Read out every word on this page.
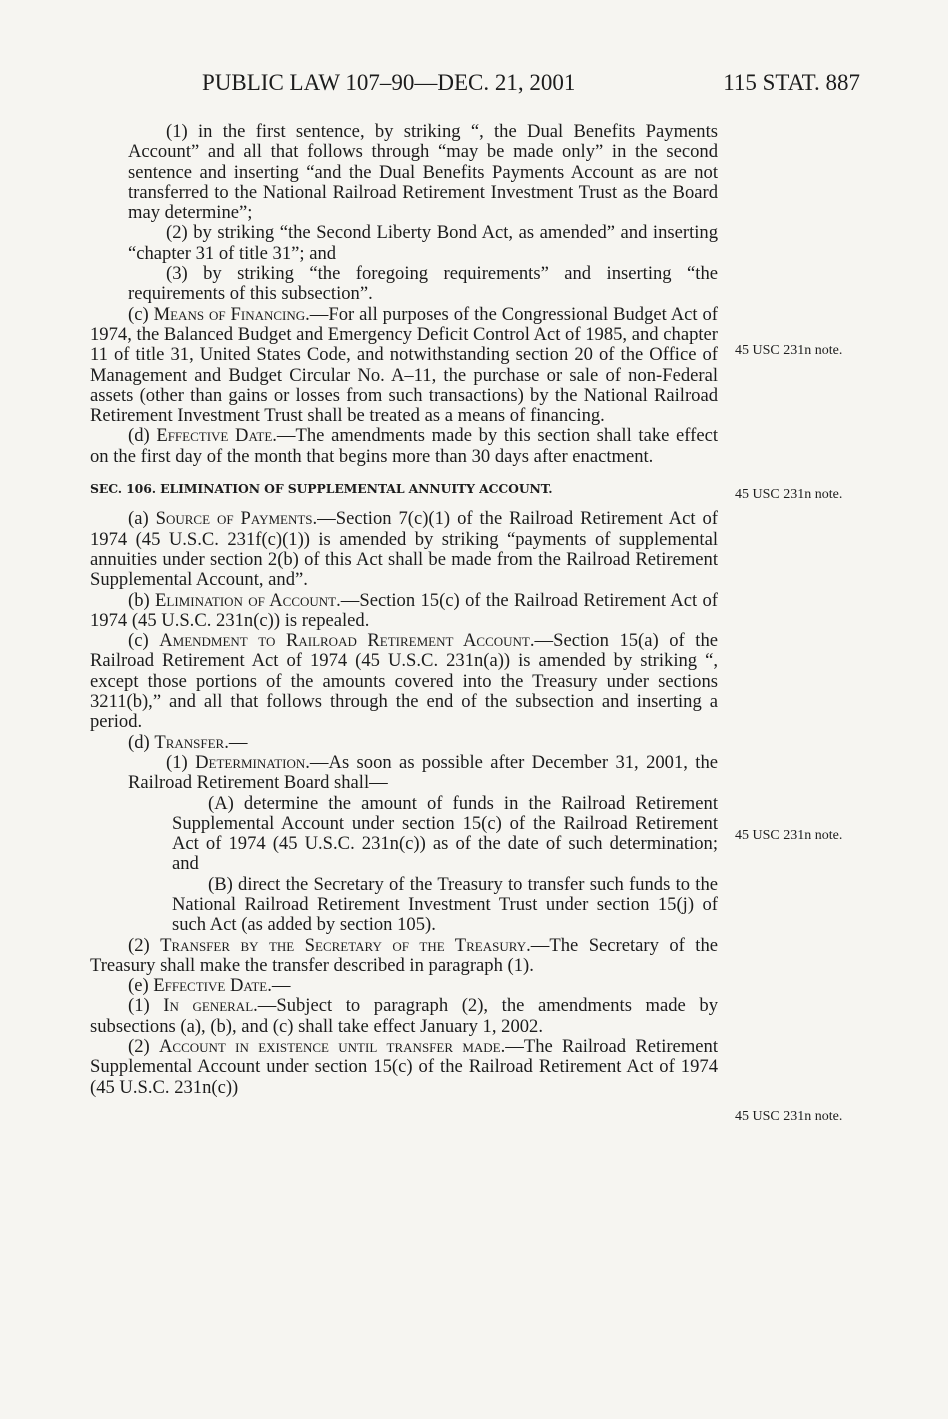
PUBLIC LAW 107–90—DEC. 21, 2001	115 STAT. 887

(1) in the first sentence, by striking “, the Dual Benefits Payments Account” and all that follows through “may be made only” in the second sentence and inserting “and the Dual Benefits Payments Account as are not transferred to the National Railroad Retirement Investment Trust as the Board may determine”;

(2) by striking “the Second Liberty Bond Act, as amended” and inserting “chapter 31 of title 31”; and

(3) by striking “the foregoing requirements” and inserting “the requirements of this subsection”.

(c) Means of Financing.—For all purposes of the Congressional Budget Act of 1974, the Balanced Budget and Emergency Deficit Control Act of 1985, and chapter 11 of title 31, United States Code, and notwithstanding section 20 of the Office of Management and Budget Circular No. A–11, the purchase or sale of non-Federal assets (other than gains or losses from such transactions) by the National Railroad Retirement Investment Trust shall be treated as a means of financing.

(d) Effective Date.—The amendments made by this section shall take effect on the first day of the month that begins more than 30 days after enactment.

SEC. 106. ELIMINATION OF SUPPLEMENTAL ANNUITY ACCOUNT.

(a) Source of Payments.—Section 7(c)(1) of the Railroad Retirement Act of 1974 (45 U.S.C. 231f(c)(1)) is amended by striking “payments of supplemental annuities under section 2(b) of this Act shall be made from the Railroad Retirement Supplemental Account, and”.

(b) Elimination of Account.—Section 15(c) of the Railroad Retirement Act of 1974 (45 U.S.C. 231n(c)) is repealed.

(c) Amendment to Railroad Retirement Account.—Section 15(a) of the Railroad Retirement Act of 1974 (45 U.S.C. 231n(a)) is amended by striking “, except those portions of the amounts covered into the Treasury under sections 3211(b),” and all that follows through the end of the subsection and inserting a period.

(d) Transfer.—

(1) Determination.—As soon as possible after December 31, 2001, the Railroad Retirement Board shall—

(A) determine the amount of funds in the Railroad Retirement Supplemental Account under section 15(c) of the Railroad Retirement Act of 1974 (45 U.S.C. 231n(c)) as of the date of such determination; and

(B) direct the Secretary of the Treasury to transfer such funds to the National Railroad Retirement Investment Trust under section 15(j) of such Act (as added by section 105).

(2) Transfer by the Secretary of the Treasury.—The Secretary of the Treasury shall make the transfer described in paragraph (1).

(e) Effective Date.—

(1) In general.—Subject to paragraph (2), the amendments made by subsections (a), (b), and (c) shall take effect January 1, 2002.

(2) Account in existence until transfer made.—The Railroad Retirement Supplemental Account under section 15(c) of the Railroad Retirement Act of 1974 (45 U.S.C. 231n(c))

45 USC 231n note.
45 USC 231n note.
45 USC 231n note.
45 USC 231n note.
